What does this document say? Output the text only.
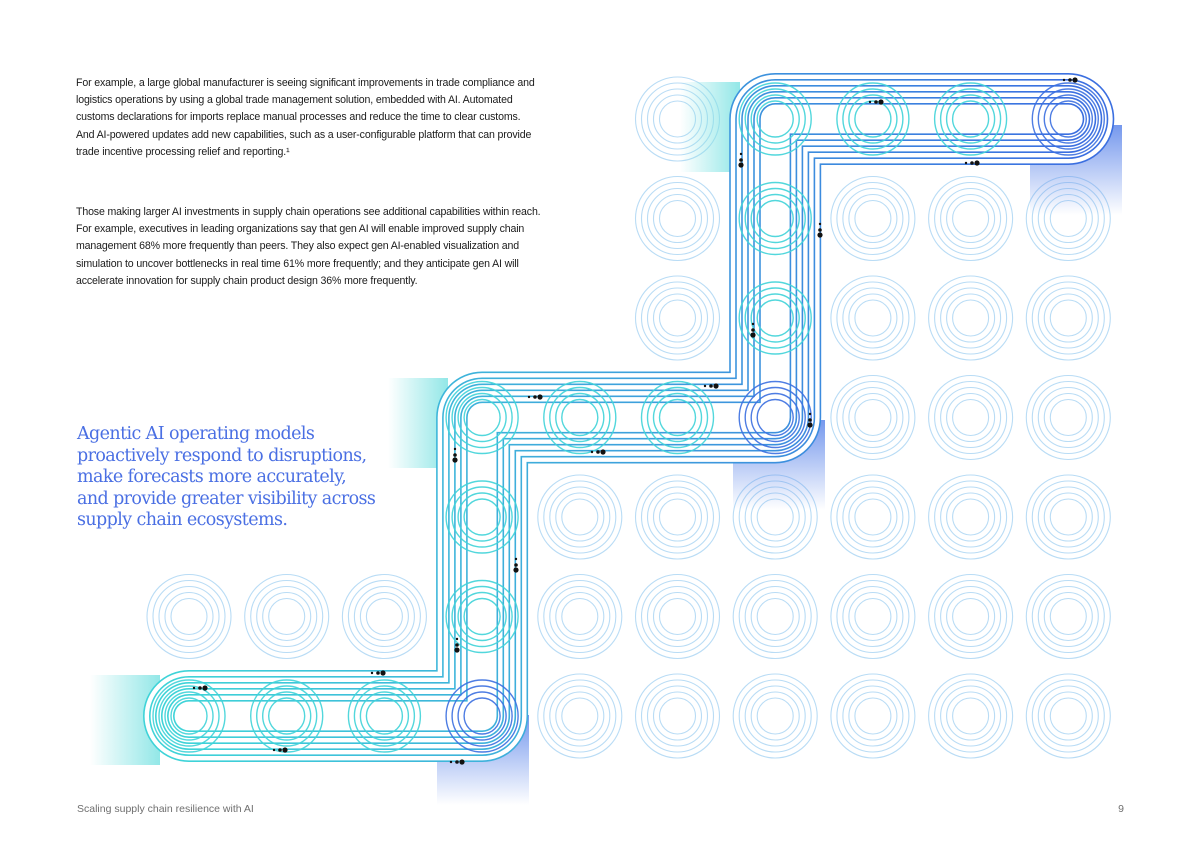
For example, a large global manufacturer is seeing significant improvements in trade compliance and logistics operations by using a global trade management solution, embedded with AI. Automated customs declarations for imports replace manual processes and reduce the time to clear customs. And AI-powered updates add new capabilities, such as a user-configurable platform that can provide trade incentive processing relief and reporting.¹

Those making larger AI investments in supply chain operations see additional capabilities within reach. For example, executives in leading organizations say that gen AI will enable improved supply chain management 68% more frequently than peers. They also expect gen AI-enabled visualization and simulation to uncover bottlenecks in real time 61% more frequently; and they anticipate gen AI will accelerate innovation for supply chain product design 36% more frequently.

Agentic AI operating models proactively respond to disruptions, make forecasts more accurately, and provide greater visibility across supply chain ecosystems.

Scaling supply chain resilience with AI	9
